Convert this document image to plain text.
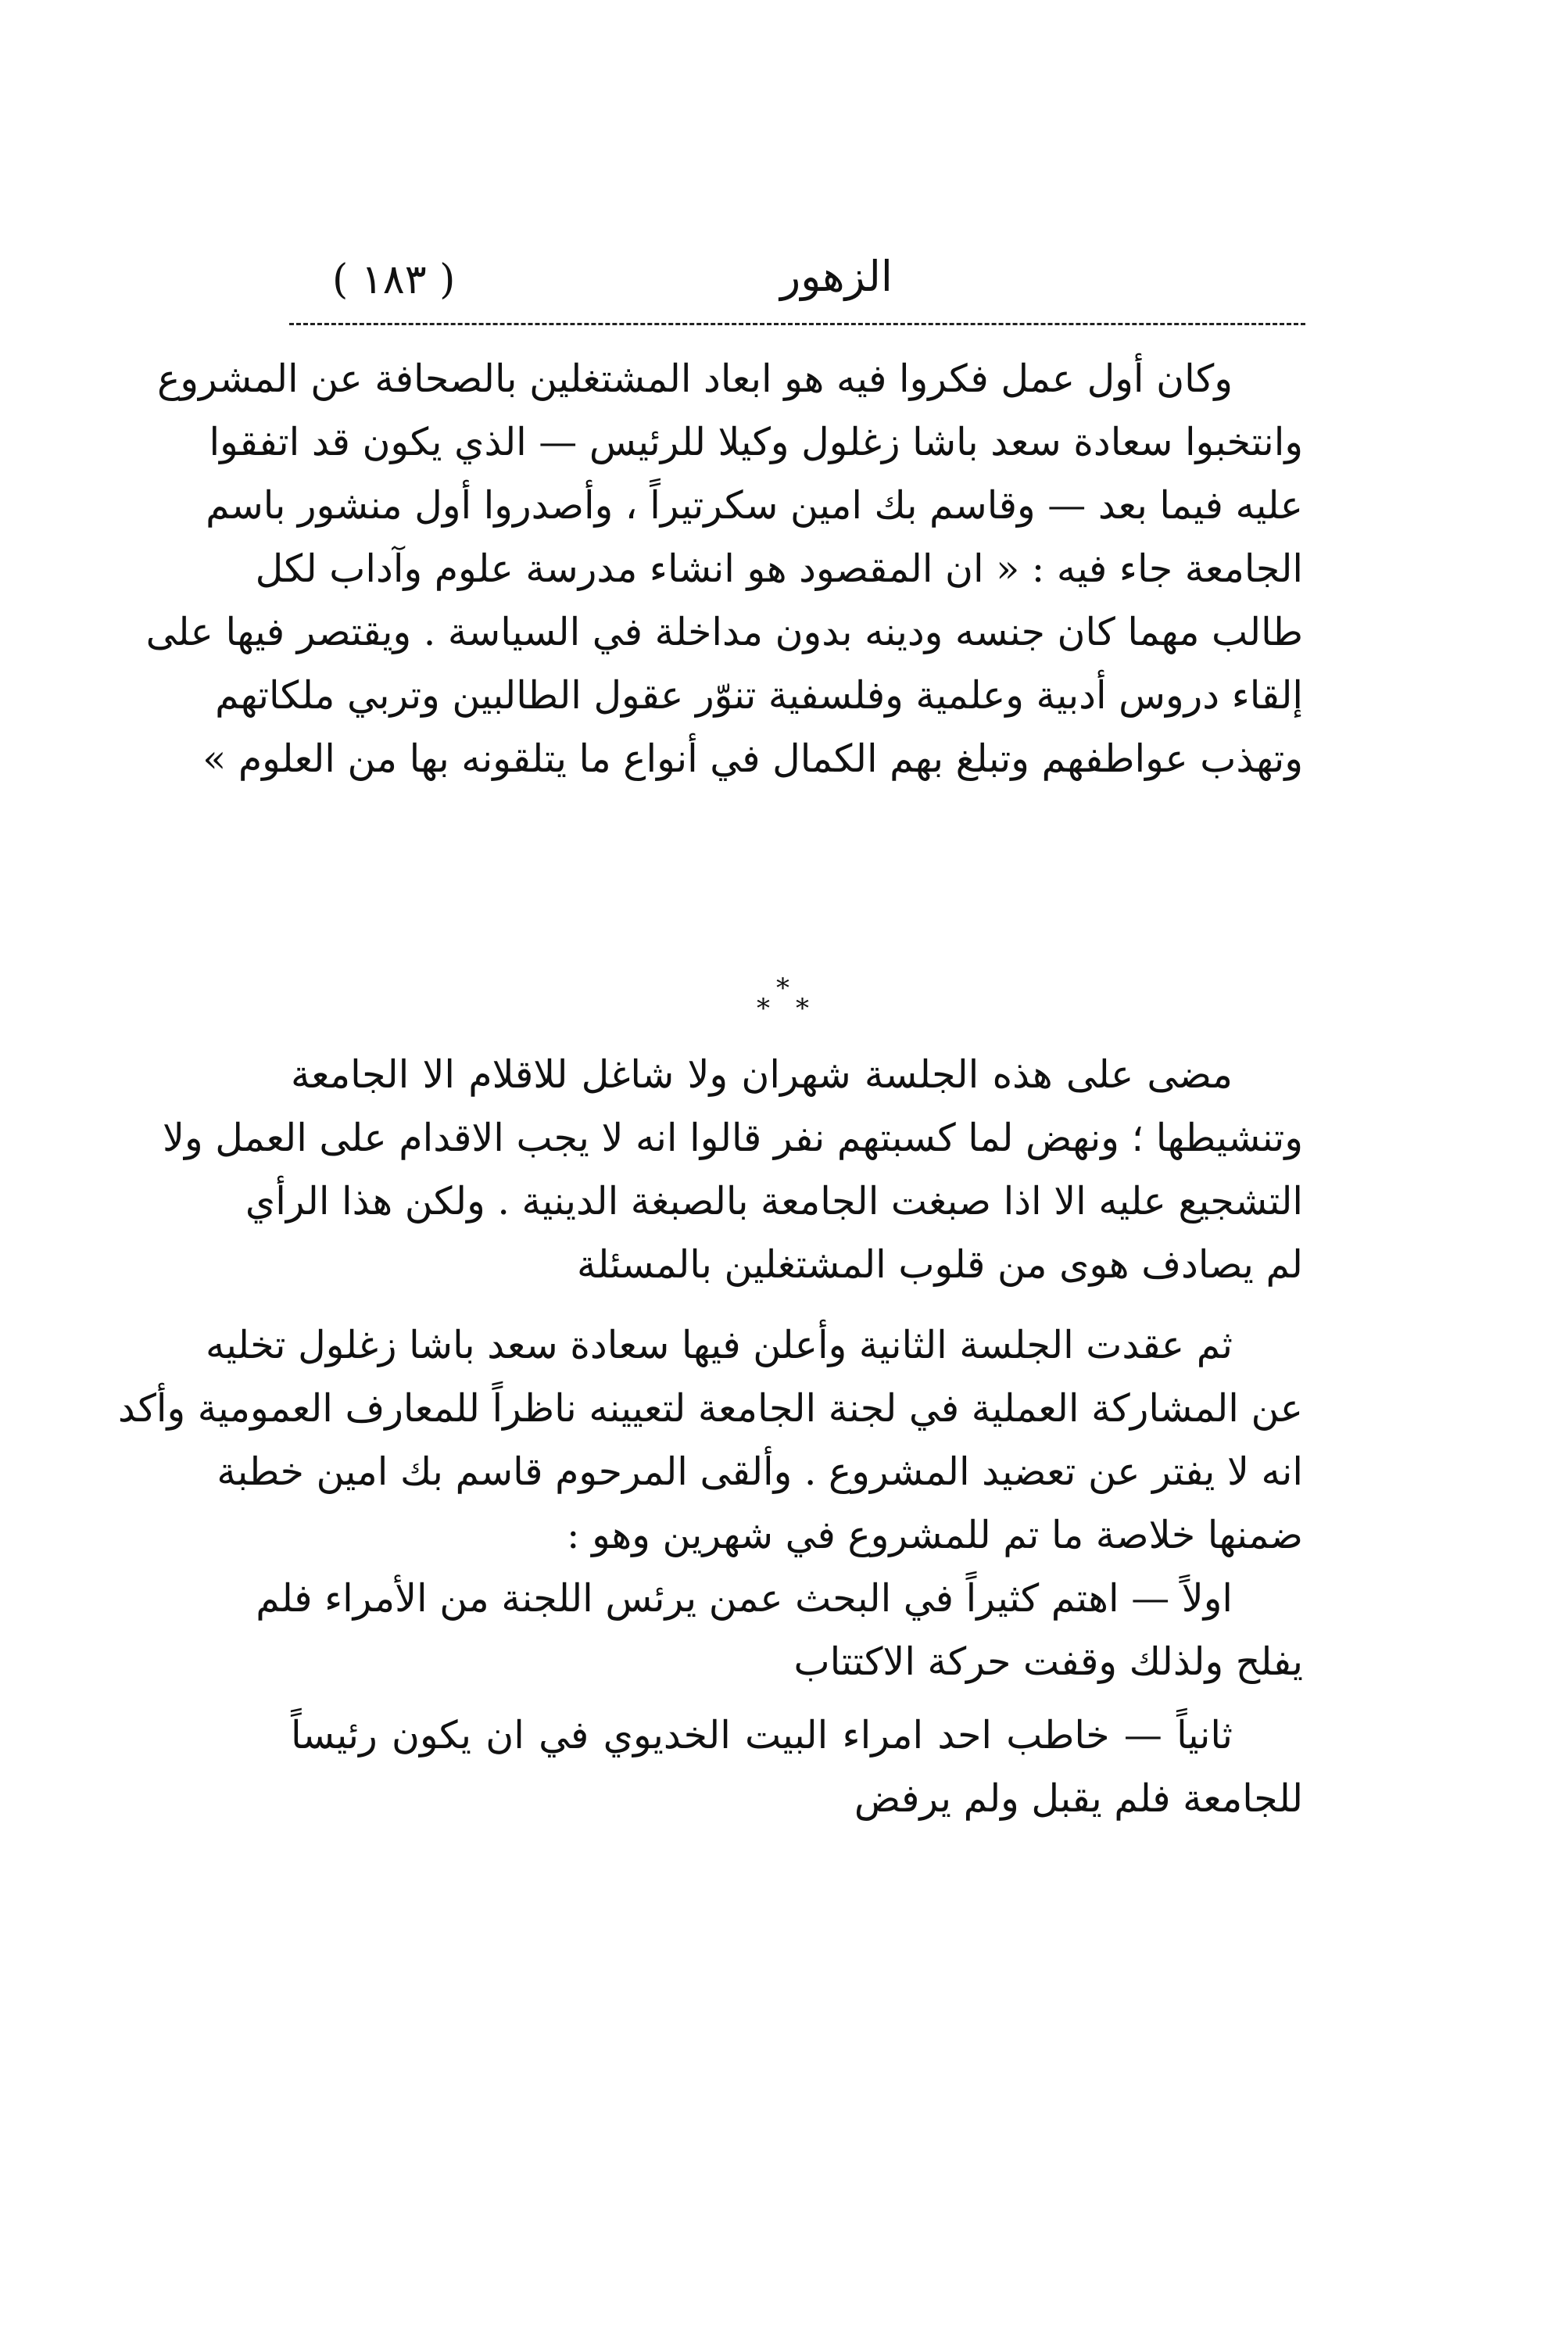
( ١٨٣ )	الزهور
وكان أول عمل فكروا فيه هو ابعاد المشتغلين بالصحافة عن المشروع
وانتخبوا سعادة سعد باشا زغلول وكيلا للرئيس — الذي يكون قد اتفقوا
عليه فيما بعد — وقاسم بك امين سكرتيراً ، وأصدروا أول منشور باسم
الجامعة جاء فيه : « ان المقصود هو انشاء مدرسة علوم وآداب لكل
طالب مهما كان جنسه ودينه بدون مداخلة في السياسة . ويقتصر فيها على
إلقاء دروس أدبية وعلمية وفلسفية تنوّر عقول الطالبين وتربي ملكاتهم
وتهذب عواطفهم وتبلغ بهم الكمال في أنواع ما يتلقونه بها من العلوم »
*
* *
مضى على هذه الجلسة شهران ولا شاغل للاقلام الا الجامعة
وتنشيطها ؛ ونهض لما كسبتهم نفر قالوا انه لا يجب الاقدام على العمل ولا
التشجيع عليه الا اذا صبغت الجامعة بالصبغة الدينية . ولكن هذا الرأي
لم يصادف هوى من قلوب المشتغلين بالمسئلة
ثم عقدت الجلسة الثانية وأعلن فيها سعادة سعد باشا زغلول تخليه
عن المشاركة العملية في لجنة الجامعة لتعيينه ناظراً للمعارف العمومية وأكد
انه لا يفتر عن تعضيد المشروع . وألقى المرحوم قاسم بك امين خطبة
ضمنها خلاصة ما تم للمشروع في شهرين وهو :
اولاً — اهتم كثيراً في البحث عمن يرئس اللجنة من الأمراء فلم
يفلح ولذلك وقفت حركة الاكتتاب
ثانياً — خاطب احد امراء البيت الخديوي في ان يكون رئيساً
للجامعة فلم يقبل ولم يرفض
